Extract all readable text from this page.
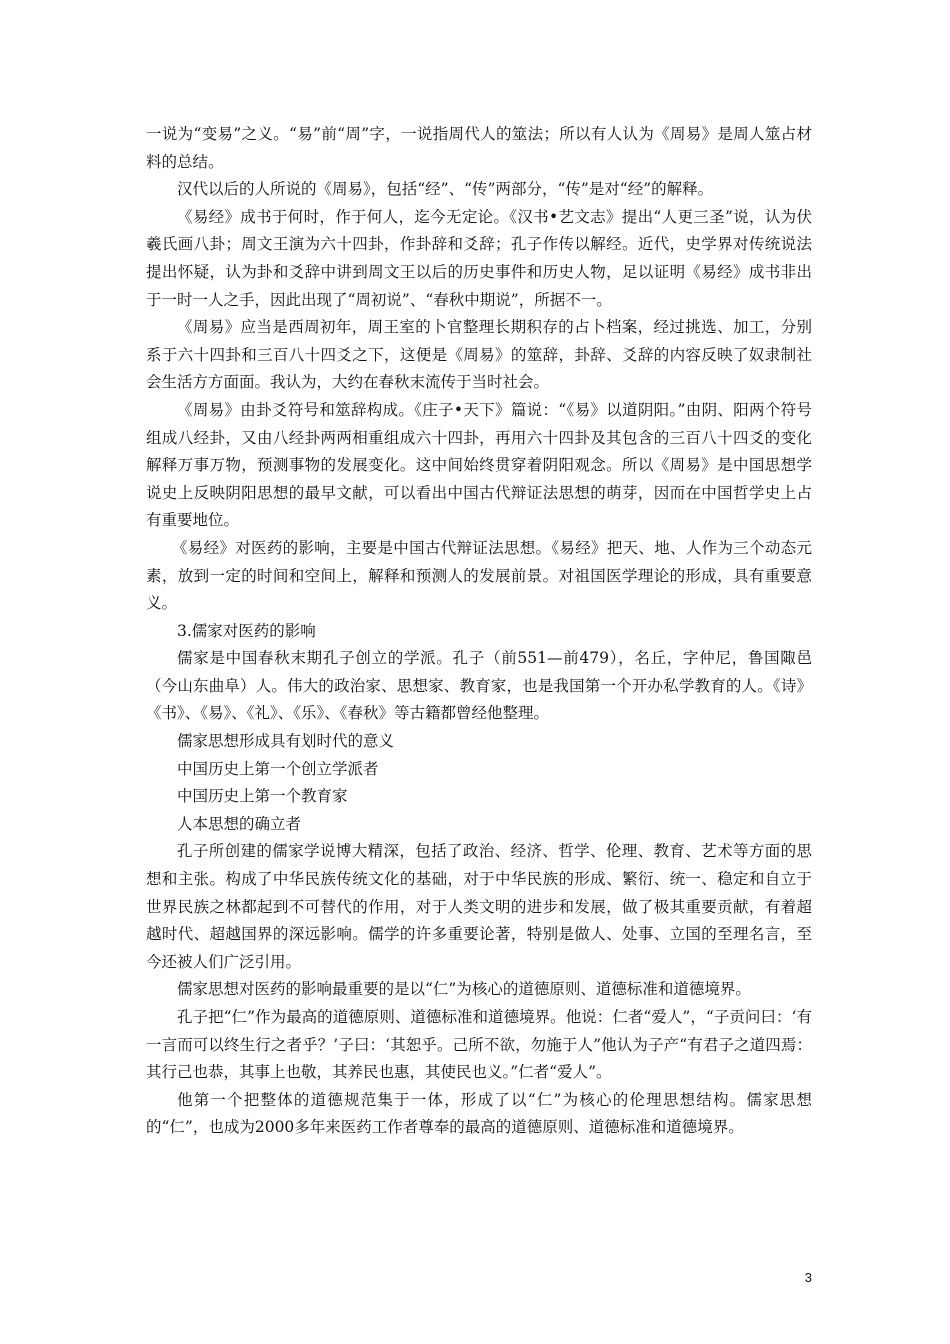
一说为“变易”之义。“易”前“周”字，一说指周代人的筮法；所以有人认为《周易》是周人筮占材料的总结。

汉代以后的人所说的《周易》，包括“经”、“传”两部分，“传”是对“经”的解释。

《易经》成书于何时，作于何人，迄今无定论。《汉书•艺文志》提出“人更三圣”说，认为伏羲氏画八卦；周文王演为六十四卦，作卦辞和爻辞；孔子作传以解经。近代，史学界对传统说法提出怀疑，认为卦和爻辞中讲到周文王以后的历史事件和历史人物，足以证明《易经》成书非出于一时一人之手，因此出现了“周初说”、“春秋中期说”，所据不一。

《周易》应当是西周初年，周王室的卜官整理长期积存的占卜档案，经过挑选、加工，分别系于六十四卦和三百八十四爻之下，这便是《周易》的筮辞，卦辞、爻辞的内容反映了奴隶制社会生活方方面面。我认为，大约在春秋末流传于当时社会。

《周易》由卦爻符号和筮辞构成。《庄子•天下》篇说：“《易》以道阴阳。”由阴、阳两个符号组成八经卦，又由八经卦两两相重组成六十四卦，再用六十四卦及其包含的三百八十四爻的变化解释万事万物，预测事物的发展变化。这中间始终贯穿着阴阳观念。所以《周易》是中国思想学说史上反映阴阳思想的最早文献，可以看出中国古代辩证法思想的萌芽，因而在中国哲学史上占有重要地位。

《易经》对医药的影响，主要是中国古代辩证法思想。《易经》把天、地、人作为三个动态元素，放到一定的时间和空间上，解释和预测人的发展前景。对祖国医学理论的形成，具有重要意义。

3.儒家对医药的影响

儒家是中国春秋末期孔子创立的学派。孔子（前551—前479），名丘，字仲尼，鲁国陬邑（今山东曲阜）人。伟大的政治家、思想家、教育家，也是我国第一个开办私学教育的人。《诗》《书》、《易》、《礼》、《乐》、《春秋》等古籍都曾经他整理。

儒家思想形成具有划时代的意义

中国历史上第一个创立学派者

中国历史上第一个教育家

人本思想的确立者

孔子所创建的儒家学说博大精深，包括了政治、经济、哲学、伦理、教育、艺术等方面的思想和主张。构成了中华民族传统文化的基础，对于中华民族的形成、繁衍、统一、稳定和自立于世界民族之林都起到不可替代的作用，对于人类文明的进步和发展，做了极其重要贡献，有着超越时代、超越国界的深远影响。儒学的许多重要论著，特别是做人、处事、立国的至理名言，至今还被人们广泛引用。

儒家思想对医药的影响最重要的是以“仁”为核心的道德原则、道德标准和道德境界。

孔子把“仁”作为最高的道德原则、道德标准和道德境界。他说：仁者“爱人”，“子贡问曰：‘有一言而可以终生行之者乎？’子曰：‘其恕乎。己所不欲，勿施于人”他认为子产“有君子之道四焉：其行己也恭，其事上也敬，其养民也惠，其使民也义。”仁者“爱人”。

他第一个把整体的道德规范集于一体，形成了以“仁”为核心的伦理思想结构。儒家思想的“仁”，也成为2000多年来医药工作者尊奉的最高的道德原则、道德标准和道德境界。

3
